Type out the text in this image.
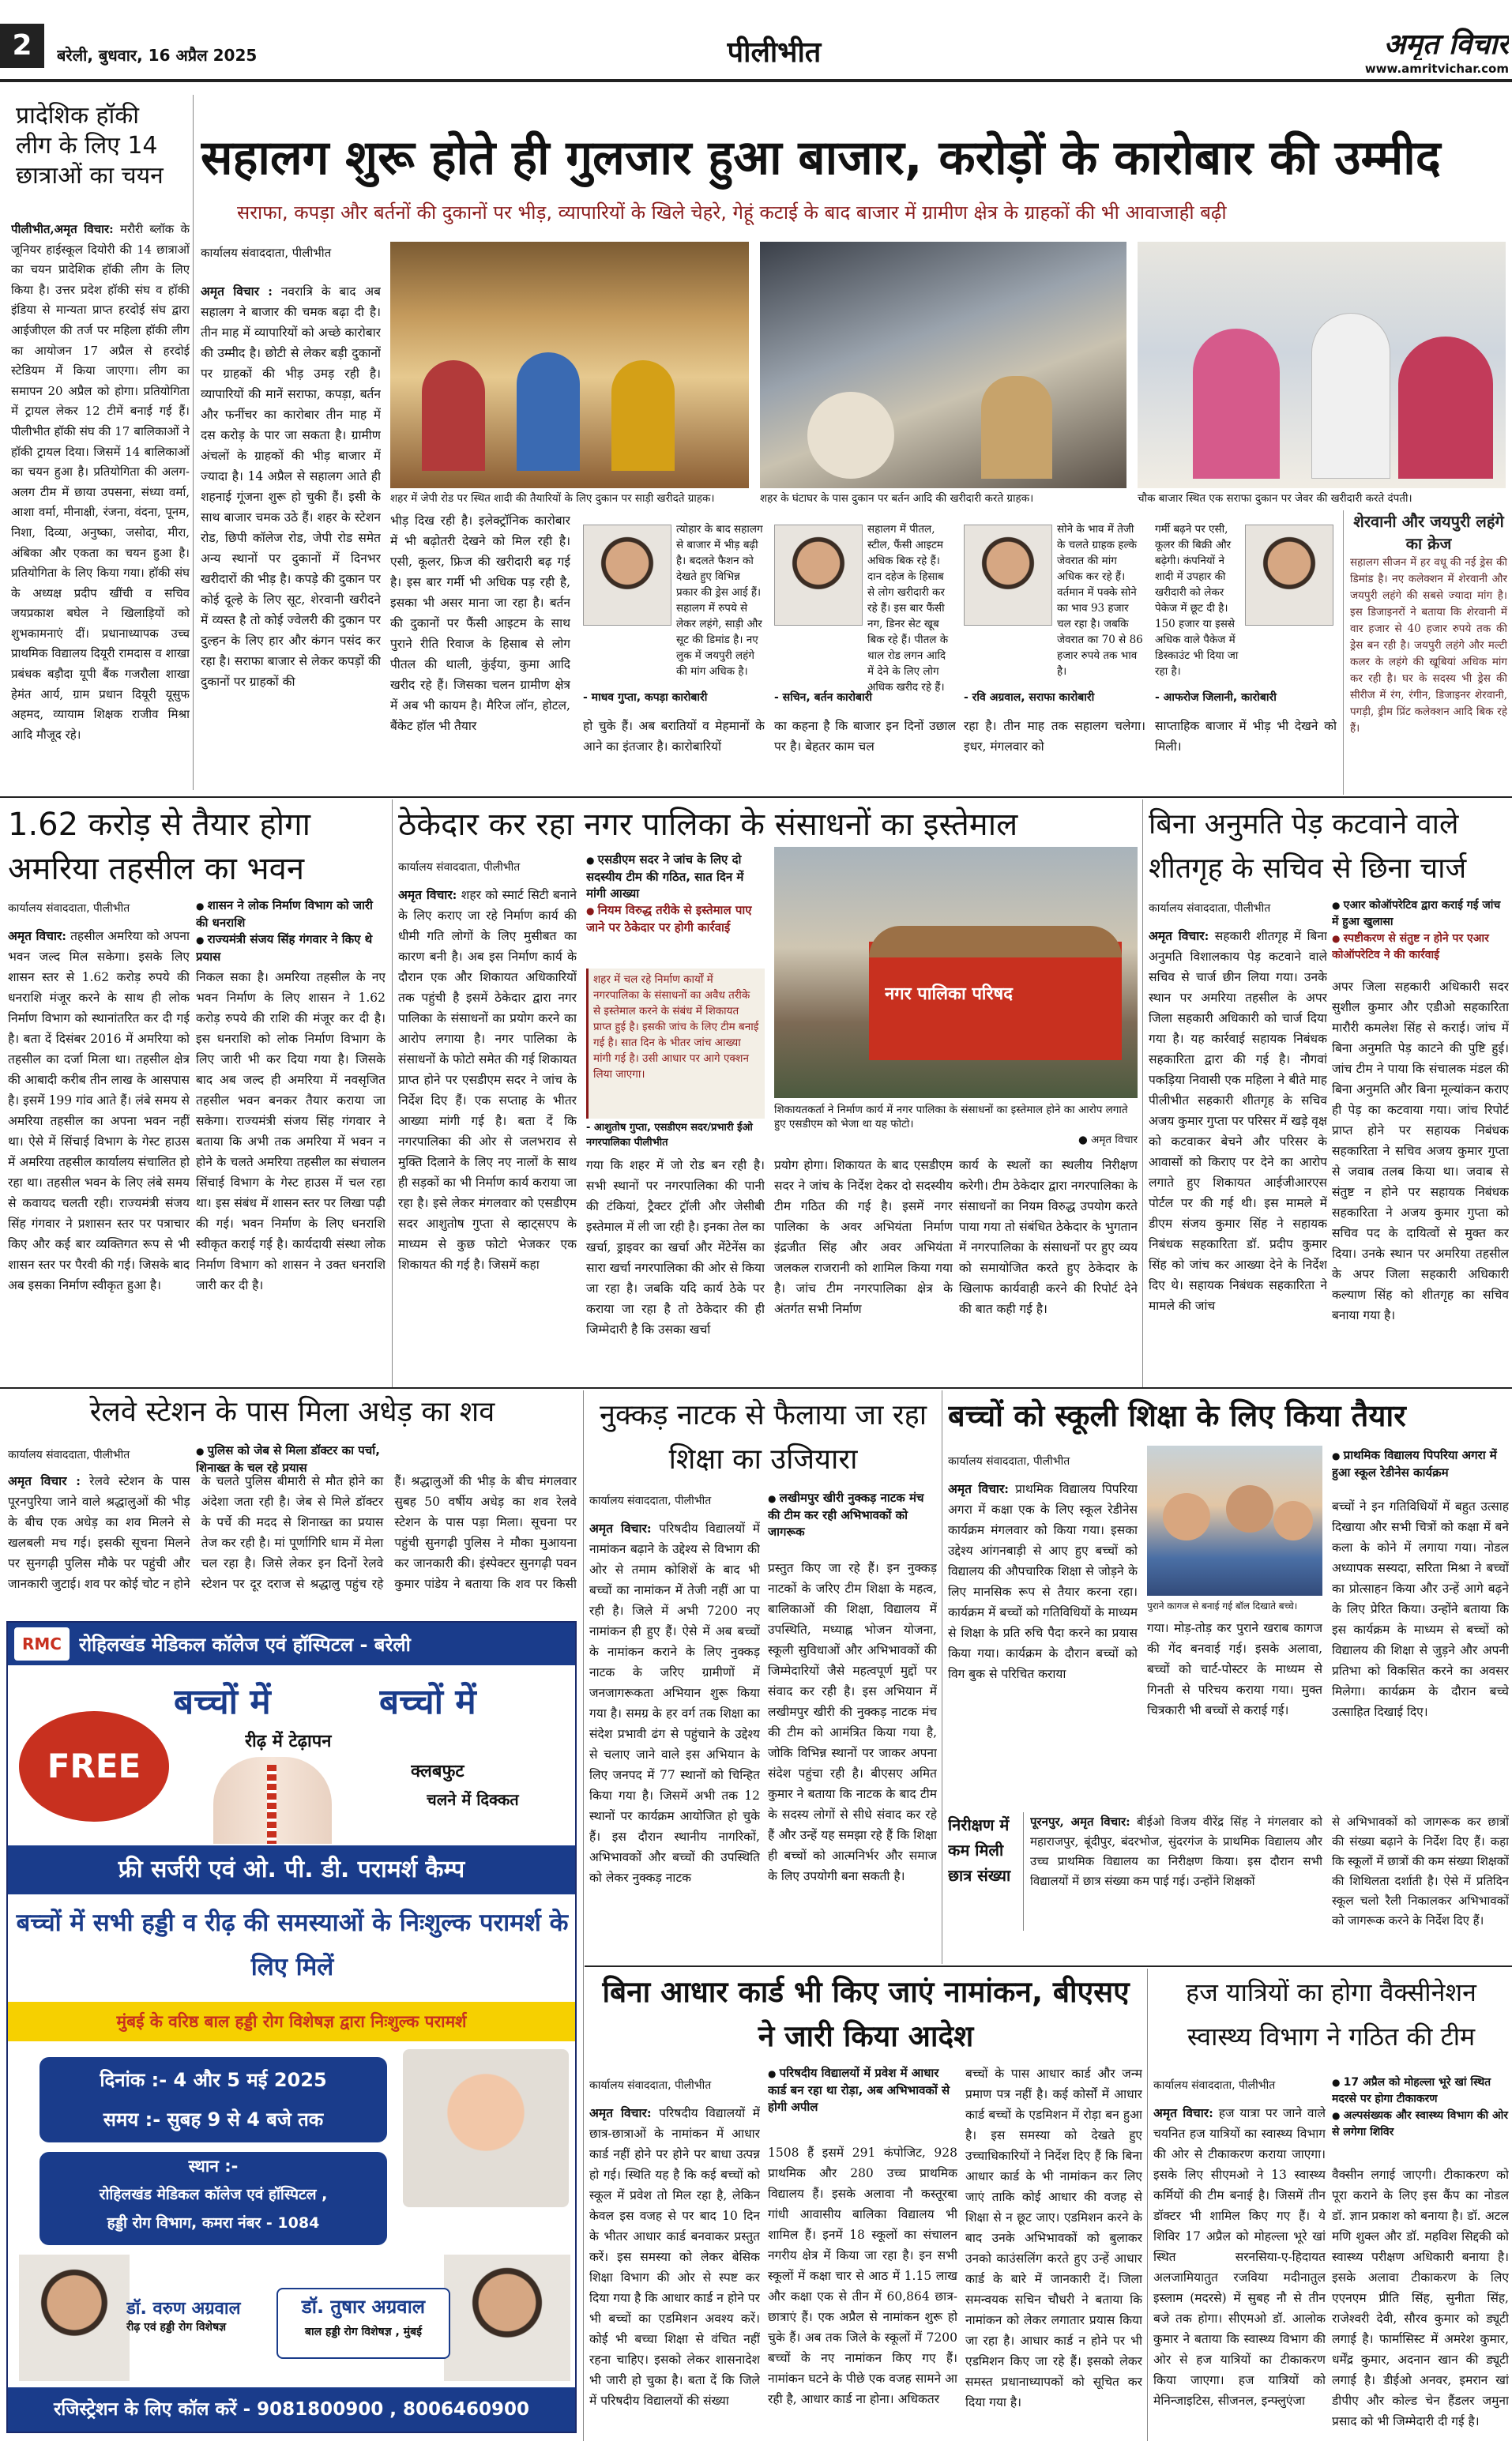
2	बरेली, बुधवार, 16 अप्रैल 2025	पीलीभीत	अमृत विचार
www.amritvichar.com
प्रादेशिक हॉकी लीग के लिए 14 छात्राओं का चयन
पीलीभीत,अमृत विचार: मरौरी ब्लॉक के जूनियर हाईस्कूल दियोरी की 14 छात्राओं का चयन प्रादेशिक हॉकी लीग के लिए किया है। उत्तर प्रदेश हॉकी संघ व हॉकी इंडिया से मान्यता प्राप्त हरदोई संघ द्वारा आईजीएल की तर्ज पर महिला हॉकी लीग का आयोजन 17 अप्रैल से हरदोई स्टेडियम में किया जाएगा। लीग का समापन 20 अप्रैल को होगा। प्रतियोगिता में ट्रायल लेकर 12 टीमें बनाई गई हैं। पीलीभीत हॉकी संघ की 17 बालिकाओं ने हॉकी ट्रायल दिया। जिसमें 14 बालिकाओं का चयन हुआ है। प्रतियोगिता की अलग-अलग टीम में छाया उपसना, संध्या वर्मा, आशा वर्मा, मीनाक्षी, रंजना, वंदना, पूनम, निशा, दिव्या, अनुष्का, जसोदा, मीरा, अंबिका और एकता का चयन हुआ है। प्रतियोगिता के लिए किया गया। हॉकी संघ के अध्यक्ष प्रदीप खींची व सचिव जयप्रकाश बघेल ने खिलाड़ियों को शुभकामनाएं दीं। प्रधानाध्यापक उच्च प्राथमिक विद्यालय दियूरी रामदास व शाखा प्रबंधक बड़ौदा यूपी बैंक गजरौला शाखा हेमंत आर्य, ग्राम प्रधान दियूरी यूसुफ अहमद, व्यायाम शिक्षक राजीव मिश्रा आदि मौजूद रहे।
सहालग शुरू होते ही गुलजार हुआ बाजार, करोड़ों के कारोबार की उम्मीद
सराफा, कपड़ा और बर्तनों की दुकानों पर भीड़, व्यापारियों के खिले चेहरे, गेहूं कटाई के बाद बाजार में ग्रामीण क्षेत्र के ग्राहकों की भी आवाजाही बढ़ी
कार्यालय संवाददाता, पीलीभीत
अमृत विचार : नवरात्रि के बाद अब सहालग ने बाजार की चमक बढ़ा दी है। तीन माह में व्यापारियों को अच्छे कारोबार की उम्मीद है। छोटी से लेकर बड़ी दुकानों पर ग्राहकों की भीड़ उमड़ रही है। व्यापारियों की मानें सराफा, कपड़ा, बर्तन और फर्नीचर का कारोबार तीन माह में दस करोड़ के पार जा सकता है। ग्रामीण अंचलों के ग्राहकों की भीड़ बाजार में ज्यादा है। 14 अप्रैल से सहालग आते ही शहनाई गूंजना शुरू हो चुकी हैं। इसी के साथ बाजार चमक उठे हैं। शहर के स्टेशन रोड, छिपी कॉलेज रोड, जेपी रोड समेत अन्य स्थानों पर दुकानों में दिनभर खरीदारों की भीड़ है। कपड़े की दुकान पर कोई दूल्हे के लिए सूट, शेरवानी खरीदने में व्यस्त है तो कोई ज्वेलरी की दुकान पर दुल्हन के लिए हार और कंगन पसंद कर रहा है। सराफा बाजार से लेकर कपड़ों की दुकानों पर ग्राहकों की
शहर में जेपी रोड पर स्थित शादी की तैयारियों के लिए दुकान पर साड़ी खरीदते ग्राहक।	शहर के घंटाघर के पास दुकान पर बर्तन आदि की खरीदारी करते ग्राहक।	चौक बाजार स्थित एक सराफा दुकान पर जेवर की खरीदारी करते दंपती।
भीड़ दिख रही है। इलेक्ट्रॉनिक कारोबार में भी बढ़ोतरी देखने को मिल रही है। एसी, कूलर, फ्रिज की खरीदारी बढ़ गई है। इस बार गर्मी भी अधिक पड़ रही है, इसका भी असर माना जा रहा है। बर्तन की दुकानों पर फैंसी आइटम के साथ पुराने रीति रिवाज के हिसाब से लोग पीतल की थाली, कुंईया, कुमा आदि खरीद रहे हैं। जिसका चलन ग्रामीण क्षेत्र में अब भी कायम है। मैरिज लॉन, होटल, बैंकेट हॉल भी तैयार
त्योहार के बाद सहालग से बाजार में भीड़ बढ़ी है। बदलते फैशन को देखते हुए विभिन्न प्रकार की ड्रेस आई हैं। सहालग में रुपये से लेकर लहंगे, साड़ी और सूट की डिमांड है। नए लुक में जयपुरी लहंगे की मांग अधिक है।
- माधव गुप्ता, कपड़ा कारोबारी
सहालग में पीतल, स्टील, फैंसी आइटम अधिक बिक रहे हैं। दान दहेज के हिसाब से लोग खरीदारी कर रहे हैं। इस बार फैंसी नग, डिनर सेट खूब बिक रहे हैं। पीतल के थाल रोड लगन आदि में देने के लिए लोग अधिक खरीद रहे हैं।
- सचिन, बर्तन कारोबारी
सोने के भाव में तेजी के चलते ग्राहक हल्के जेवरात की मांग अधिक कर रहे हैं। वर्तमान में पक्के सोने का भाव 93 हजार चल रहा है। जबकि जेवरात का 70 से 86 हजार रुपये तक भाव है।
- रवि अग्रवाल, सराफा कारोबारी
गर्मी बढ़ने पर एसी, कूलर की बिक्री और बढ़ेगी। कंपनियों ने शादी में उपहार की खरीदारी को लेकर पेकेज में छूट दी है। 150 हजार या इससे अधिक वाले पैकेज में डिस्काउंट भी दिया जा रहा है।
- आफरोज जिलानी, कारोबारी
हो चुके हैं। अब बरातियों व मेहमानों के आने का इंतजार है। कारोबारियों
का कहना है कि बाजार इन दिनों उछाल पर है। बेहतर काम चल
रहा है। तीन माह तक सहालग चलेगा। इधर, मंगलवार को
साप्ताहिक बाजार में भीड़ भी देखने को मिली।
शेरवानी और जयपुरी लहंगे का क्रेज
सहालग सीजन में हर वधू की नई ड्रेस की डिमांड है। नए कलेक्शन में शेरवानी और जयपुरी लहंगे की सबसे ज्यादा मांग है। इस डिजाइनरों ने बताया कि शेरवानी में वार हजार से 40 हजार रुपये तक की ड्रेस बन रही है। जयपुरी लहंगे और मल्टी कलर के लहंगे की खूबियां अधिक मांग कर रही है। घर के सदस्य भी ड्रेस की सीरीज में रंग, रंगीन, डिजाइनर शेरवानी, पगड़ी, ड्रीम प्रिंट कलेक्शन आदि बिक रहे हैं।
1.62 करोड़ से तैयार होगा अमरिया तहसील का भवन
कार्यालय संवाददाता, पीलीभीत	● शासन ने लोक निर्माण विभाग को जारी की धनराशि
● राज्यमंत्री संजय सिंह गंगवार ने किए थे प्रयास
अमृत विचार: तहसील अमरिया को अपना भवन जल्द मिल सकेगा। इसके लिए शासन स्तर से 1.62 करोड़ रुपये की धनराशि मंजूर करने के साथ ही लोक निर्माण विभाग को स्थानांतरित कर दी गई है। बता दें दिसंबर 2016 में अमरिया को तहसील का दर्जा मिला था। तहसील क्षेत्र की आबादी करीब तीन लाख के आसपास है। इसमें 199 गांव आते हैं। लंबे समय से अमरिया तहसील का अपना भवन नहीं था। ऐसे में सिंचाई विभाग के गेस्ट हाउस में अमरिया तहसील कार्यालय संचालित हो रहा था। तहसील भवन के लिए लंबे समय से कवायद चलती रही। राज्यमंत्री संजय सिंह गंगवार ने प्रशासन स्तर पर पत्राचार किए और कई बार व्यक्तिगत रूप से भी शासन स्तर पर पैरवी की गई। जिसके बाद अब इसका निर्माण स्वीकृत हुआ है।
निकल सका है। अमरिया तहसील के नए भवन निर्माण के लिए शासन ने 1.62 करोड़ रुपये की राशि की मंजूर कर दी है। इस धनराशि को लोक निर्माण विभाग के लिए जारी भी कर दिया गया है। जिसके बाद अब जल्द ही अमरिया में नवसृजित तहसील भवन बनकर तैयार कराया जा सकेगा। राज्यमंत्री संजय सिंह गंगवार ने बताया कि अभी तक अमरिया में भवन न होने के चलते अमरिया तहसील का संचालन सिंचाई विभाग के गेस्ट हाउस में चल रहा था। इस संबंध में शासन स्तर पर लिखा पढ़ी की गई। भवन निर्माण के लिए धनराशि स्वीकृत कराई गई है। कार्यदायी संस्था लोक निर्माण विभाग को शासन ने उक्त धनराशि जारी कर दी है।
ठेकेदार कर रहा नगर पालिका के संसाधनों का इस्तेमाल
कार्यालय संवाददाता, पीलीभीत
अमृत विचार: शहर को स्मार्ट सिटी बनाने के लिए कराए जा रहे निर्माण कार्य की धीमी गति लोगों के लिए मुसीबत का कारण बनी है। अब इस निर्माण कार्य के दौरान एक और शिकायत अधिकारियों तक पहुंची है इसमें ठेकेदार द्वारा नगर पालिका के संसाधनों का प्रयोग करने का आरोप लगाया है। नगर पालिका के संसाधनों के फोटो समेत की गई शिकायत प्राप्त होने पर एसडीएम सदर ने जांच के निर्देश दिए हैं। एक सप्ताह के भीतर आख्या मांगी गई है। बता दें कि नगरपालिका की ओर से जलभराव से मुक्ति दिलाने के लिए नए नालों के साथ ही सड़कों का भी निर्माण कार्य कराया जा रहा है। इसे लेकर मंगलवार को एसडीएम सदर आशुतोष गुप्ता से व्हाट्सएप के माध्यम से कुछ फोटो भेजकर एक शिकायत की गई है। जिसमें कहा
● एसडीएम सदर ने जांच के लिए दो सदस्यीय टीम की गठित, सात दिन में मांगी आख्या
● नियम विरुद्ध तरीके से इस्तेमाल पाए जाने पर ठेकेदार पर होगी कार्रवाई
शहर में चल रहे निर्माण कार्यों में नगरपालिका के संसाधनों का अवैध तरीके से इस्तेमाल करने के संबंध में शिकायत प्राप्त हुई है। इसकी जांच के लिए टीम बनाई गई है। सात दिन के भीतर जांच आख्या मांगी गई है। उसी आधार पर आगे एक्शन लिया जाएगा।
- आशुतोष गुप्ता, एसडीएम सदर/प्रभारी ईओ नगरपालिका पीलीभीत
नगर पालिका परिषद
शिकायतकर्ता ने निर्माण कार्य में नगर पालिका के संसाधनों का इस्तेमाल होने का आरोप लगाते हुए एसडीएम को भेजा था यह फोटो।
● अमृत विचार
गया कि शहर में जो रोड बन रही है। सभी स्थानों पर नगरपालिका की पानी की टंकियां, ट्रैक्टर ट्रॉली और जेसीबी इस्तेमाल में ली जा रही है। इनका तेल का खर्चा, ड्राइवर का खर्चा और मेंटेनेंस का सारा खर्चा नगरपालिका की ओर से किया जा रहा है। जबकि यदि कार्य ठेके पर कराया जा रहा है तो ठेकेदार की ही जिम्मेदारी है कि उसका खर्चा
प्रयोग होगा। शिकायत के बाद एसडीएम सदर ने जांच के निर्देश देकर दो सदस्यीय टीम गठित की गई है। इसमें नगर पालिका के अवर अभियंता निर्माण इंद्रजीत सिंह और अवर अभियंता जलकल राजरानी को शामिल किया गया है। जांच टीम नगरपालिका क्षेत्र के अंतर्गत सभी निर्माण
कार्य के स्थलों का स्थलीय निरीक्षण करेगी। टीम ठेकेदार द्वारा नगरपालिका के संसाधनों का नियम विरुद्ध उपयोग करते पाया गया तो संबंधित ठेकेदार के भुगतान में नगरपालिका के संसाधनों पर हुए व्यय को समायोजित करते हुए ठेकेदार के खिलाफ कार्यवाही करने की रिपोर्ट देने की बात कही गई है।
बिना अनुमति पेड़ कटवाने वाले शीतगृह के सचिव से छिना चार्ज
कार्यालय संवाददाता, पीलीभीत	● एआर कोऑपरेटिव द्वारा कराई गई जांच में हुआ खुलासा
● स्पष्टीकरण से संतुष्ट न होने पर एआर कोऑपरेटिव ने की कार्रवाई
अमृत विचार: सहकारी शीतगृह में बिना अनुमति विशालकाय पेड़ कटवाने वाले सचिव से चार्ज छीन लिया गया। उनके स्थान पर अमरिया तहसील के अपर जिला सहकारी अधिकारी को चार्ज दिया गया है। यह कार्रवाई सहायक निबंधक सहकारिता द्वारा की गई है। नौगवां पकड़िया निवासी एक महिला ने बीते माह पीलीभीत सहकारी शीतगृह के सचिव अजय कुमार गुप्ता पर परिसर में खड़े वृक्ष को कटवाकर बेचने और परिसर के आवासों को किराए पर देने का आरोप लगाते हुए शिकायत आईजीआरएस पोर्टल पर की गई थी। इस मामले में डीएम संजय कुमार सिंह ने सहायक निबंधक सहकारिता डॉ. प्रदीप कुमार सिंह को जांच कर आख्या देने के निर्देश दिए थे। सहायक निबंधक सहकारिता ने मामले की जांच
अपर जिला सहकारी अधिकारी सदर सुशील कुमार और एडीओ सहकारिता मारौरी कमलेश सिंह से कराई। जांच में बिना अनुमति पेड़ काटने की पुष्टि हुई। जांच टीम ने पाया कि संचालक मंडल की बिना अनुमति और बिना मूल्यांकन कराए ही पेड़ का कटवाया गया। जांच रिपोर्ट प्राप्त होने पर सहायक निबंधक सहकारिता ने सचिव अजय कुमार गुप्ता से जवाब तलब किया था। जवाब से संतुष्ट न होने पर सहायक निबंधक सहकारिता ने अजय कुमार गुप्ता को सचिव पद के दायित्वों से मुक्त कर दिया। उनके स्थान पर अमरिया तहसील के अपर जिला सहकारी अधिकारी कल्याण सिंह को शीतगृह का सचिव बनाया गया है।
रेलवे स्टेशन के पास मिला अधेड़ का शव
कार्यालय संवाददाता, पीलीभीत	● पुलिस को जेब से मिला डॉक्टर का पर्चा, शिनाख्त के चल रहे प्रयास
अमृत विचार : रेलवे स्टेशन के पास पूरनपुरिया जाने वाले श्रद्धालुओं की भीड़ के बीच एक अधेड़ का शव मिलने से खलबली मच गई। इसकी सूचना मिलने पर सुनगढ़ी पुलिस मौके पर पहुंची और जानकारी जुटाई। शव पर कोई चोट न होने के चलते पुलिस बीमारी से मौत होने का अंदेशा जता रही है। जेब से मिले डॉक्टर के पर्चे की मदद से शिनाख्त का प्रयास तेज कर रही है। मां पूर्णागिरि धाम में मेला चल रहा है। जिसे लेकर इन दिनों रेलवे स्टेशन पर दूर दराज से श्रद्धालु पहुंच रहे हैं। श्रद्धालुओं की भीड़ के बीच मंगलवार सुबह 50 वर्षीय अधेड़ का शव रेलवे स्टेशन के पास पड़ा मिला। सूचना पर पहुंची सुनगढ़ी पुलिस ने मौका मुआयना कर जानकारी की। इंस्पेक्टर सुनगढ़ी पवन कुमार पांडेय ने बताया कि शव पर किसी
RMC रोहिलखंड मेडिकल कॉलेज एवं हॉस्पिटल - बरेली
FREE
बच्चों में	बच्चों में
रीढ़ में टेढ़ापन
क्लबफुट
चलने में दिक्कत
फ्री सर्जरी एवं ओ. पी. डी. परामर्श कैम्प
बच्चों में सभी हड्डी व रीढ़ की समस्याओं के निःशुल्क परामर्श के लिए मिलें
मुंबई के वरिष्ठ बाल हड्डी रोग विशेषज्ञ द्वारा निःशुल्क परामर्श
दिनांक :- 4 और 5 मई 2025
समय :- सुबह 9 से 4 बजे तक
स्थान :-
रोहिलखंड मेडिकल कॉलेज एवं हॉस्पिटल ,
हड्डी रोग विभाग, कमरा नंबर - 1084
डॉ. वरुण अग्रवाल
रीढ़ एवं हड्डी रोग विशेषज्ञ
डॉ. तुषार अग्रवाल
बाल हड्डी रोग विशेषज्ञ , मुंबई
रजिस्ट्रेशन के लिए कॉल करें - 9081800900 , 8006460900
नुक्कड़ नाटक से फैलाया जा रहा शिक्षा का उजियारा
कार्यालय संवाददाता, पीलीभीत	● लखीमपुर खीरी नुक्कड़ नाटक मंच की टीम कर रही अभिभावकों को जागरूक
अमृत विचार: परिषदीय विद्यालयों में नामांकन बढ़ाने के उद्देश्य से विभाग की ओर से तमाम कोशिशें के बाद भी बच्चों का नामांकन में तेजी नहीं आ पा रही है। जिले में अभी 7200 नए नामांकन ही हुए हैं। ऐसे में अब बच्चों के नामांकन कराने के लिए नुक्कड़ नाटक के जरिए ग्रामीणों में जनजागरूकता अभियान शुरू किया गया है। समग्र के हर वर्ग तक शिक्षा का संदेश प्रभावी ढंग से पहुंचाने के उद्देश्य से चलाए जाने वाले इस अभियान के लिए जनपद में 77 स्थानों को चिन्हित किया गया है। जिसमें अभी तक 12 स्थानों पर कार्यक्रम आयोजित हो चुके हैं। इस दौरान स्थानीय नागरिकों, अभिभावकों और बच्चों की उपस्थिति को लेकर नुक्कड़ नाटक
प्रस्तुत किए जा रहे हैं। इन नुक्कड़ नाटकों के जरिए टीम शिक्षा के महत्व, बालिकाओं की शिक्षा, विद्यालय में उपस्थिति, मध्याह्न भोजन योजना, स्कूली सुविधाओं और अभिभावकों की जिम्मेदारियों जैसे महत्वपूर्ण मुद्दों पर संवाद कर रही है। इस अभियान में लखीमपुर खीरी की नुक्कड़ नाटक मंच की टीम को आमंत्रित किया गया है, जोकि विभिन्न स्थानों पर जाकर अपना संदेश पहुंचा रही है। बीएसए अमित कुमार ने बताया कि नाटक के बाद टीम के सदस्य लोगों से सीधे संवाद कर रहे हैं और उन्हें यह समझा रहे हैं कि शिक्षा ही बच्चों को आत्मनिर्भर और समाज के लिए उपयोगी बना सकती है।
बच्चों को स्कूली शिक्षा के लिए किया तैयार
कार्यालय संवाददाता, पीलीभीत
अमृत विचार: प्राथमिक विद्यालय पिपरिया अगरा में कक्षा एक के लिए स्कूल रेडीनेस कार्यक्रम मंगलवार को किया गया। इसका उद्देश्य आंगनबाड़ी से आए हुए बच्चों को विद्यालय की औपचारिक शिक्षा से जोड़ने के लिए मानसिक रूप से तैयार करना रहा। कार्यक्रम में बच्चों को गतिविधियों के माध्यम से शिक्षा के प्रति रुचि पैदा करने का प्रयास किया गया। कार्यक्रम के दौरान बच्चों को विग बुक से परिचित कराया
पुराने कागज से बनाई गई बॉल दिखाते बच्चे।
गया। मोड़-तोड़ कर पुराने खराब कागज की गेंद बनवाई गई। इसके अलावा, बच्चों को चार्ट-पोस्टर के माध्यम से गिनती से परिचय कराया गया। मुक्त चित्रकारी भी बच्चों से कराई गई।
● प्राथमिक विद्यालय पिपरिया अगरा में हुआ स्कूल रेडीनेस कार्यक्रम
बच्चों ने इन गतिविधियों में बहुत उत्साह दिखाया और सभी चित्रों को कक्षा में बने कला के कोने में लगाया गया। नोडल अध्यापक सस्यदा, सरिता मिश्रा ने बच्चों का प्रोत्साहन किया और उन्हें आगे बढ़ने के लिए प्रेरित किया। उन्होंने बताया कि इस कार्यक्रम के माध्यम से बच्चों को विद्यालय की शिक्षा से जुड़ने और अपनी प्रतिभा को विकसित करने का अवसर मिलेगा। कार्यक्रम के दौरान बच्चे उत्साहित दिखाई दिए।
निरीक्षण में कम मिली छात्र संख्या
पूरनपुर, अमृत विचार: बीईओ विजय वीरेंद्र सिंह ने मंगलवार को महाराजपुर, बूंदीपुर, बंदरभोज, सुंदरगंज के प्राथमिक विद्यालय और उच्च प्राथमिक विद्यालय का निरीक्षण किया। इस दौरान सभी विद्यालयों में छात्र संख्या कम पाई गई। उन्होंने शिक्षकों
से अभिभावकों को जागरूक कर छात्रों की संख्या बढ़ाने के निर्देश दिए हैं। कहा कि स्कूलों में छात्रों की कम संख्या शिक्षकों की शिथिलता दर्शाती है। ऐसे में प्रतिदिन स्कूल चलो रैली निकालकर अभिभावकों को जागरूक करने के निर्देश दिए हैं।
बिना आधार कार्ड भी किए जाएं नामांकन, बीएसए ने जारी किया आदेश
कार्यालय संवाददाता, पीलीभीत
● परिषदीय विद्यालयों में प्रवेश में आधार कार्ड बन रहा था रोड़ा, अब अभिभावकों से होगी अपील
अमृत विचार: परिषदीय विद्यालयों में छात्र-छात्राओं के नामांकन में आधार कार्ड नहीं होने पर होने पर बाधा उत्पन्न हो गई। स्थिति यह है कि कई बच्चों को स्कूल में प्रवेश तो मिल रहा है, लेकिन केवल इस वजह से पर बाद 10 दिन के भीतर आधार कार्ड बनवाकर प्रस्तुत करें। इस समस्या को लेकर बेसिक शिक्षा विभाग की ओर से स्पष्ट कर दिया गया है कि आधार कार्ड न होने पर भी बच्चों का एडमिशन अवश्य करें। कोई भी बच्चा शिक्षा से वंचित नहीं रहना चाहिए। इसको लेकर शासनादेश भी जारी हो चुका है। बता दें कि जिले में परिषदीय विद्यालयों की संख्या
1508 हैं इसमें 291 कंपोजिट, 928 प्राथमिक और 280 उच्च प्राथमिक विद्यालय हैं। इसके अलावा नौ कस्तूरबा गांधी आवासीय बालिका विद्यालय भी शामिल हैं। इनमें 18 स्कूलों का संचालन नगरीय क्षेत्र में किया जा रहा है। इन सभी स्कूलों में कक्षा चार से आठ में 1.15 लाख और कक्षा एक से तीन में 60,864 छात्र-छात्राएं हैं। एक अप्रैल से नामांकन शुरू हो चुके हैं। अब तक जिले के स्कूलों में 7200 बच्चों के नए नामांकन किए गए हैं। नामांकन घटने के पीछे एक वजह सामने आ रही है, आधार कार्ड ना होना। अधिकतर
बच्चों के पास आधार कार्ड और जन्म प्रमाण पत्र नहीं है। कई कोर्सों में आधार कार्ड बच्चों के एडमिशन में रोड़ा बन हुआ है। इस समस्या को देखते हुए उच्चाधिकारियों ने निर्देश दिए हैं कि बिना आधार कार्ड के भी नामांकन कर लिए जाएं ताकि कोई आधार की वजह से शिक्षा से न छूट जाए। एडमिशन करने के बाद उनके अभिभावकों को बुलाकर उनको काउंसलिंग करते हुए उन्हें आधार कार्ड के बारे में जानकारी दें। जिला समन्वयक सचिन चौधरी ने बताया कि नामांकन को लेकर लगातार प्रयास किया जा रहा है। आधार कार्ड न होने पर भी एडमिशन किए जा रहे हैं। इसको लेकर समस्त प्रधानाध्यापकों को सूचित कर दिया गया है।
हज यात्रियों का होगा वैक्सीनेशन स्वास्थ्य विभाग ने गठित की टीम
कार्यालय संवाददाता, पीलीभीत	● 17 अप्रैल को मोहल्ला भूरे खां स्थित मदरसे पर होगा टीकाकरण
● अल्पसंख्यक और स्वास्थ्य विभाग की ओर से लगेगा शिविर
अमृत विचार: हज यात्रा पर जाने वाले चयनित हज यात्रियों का स्वास्थ्य विभाग की ओर से टीकाकरण कराया जाएगा। इसके लिए सीएमओ ने 13 स्वास्थ्य कर्मियों की टीम बनाई है। जिसमें तीन डॉक्टर भी शामिल किए गए हैं। ये शिविर 17 अप्रैल को मोहल्ला भूरे खां स्थित सरनसिया-ए-हिदायत अलजामियातुत रजविया मदीनातुल इस्लाम (मदरसे) में सुबह नौ से तीन बजे तक होगा। सीएमओ डॉ. आलोक कुमार ने बताया कि स्वास्थ्य विभाग की ओर से हज यात्रियों का टीकाकरण किया जाएगा। हज यात्रियों को मेनिन्जाइटिस, सीजनल, इन्फ्लुएंजा
वैक्सीन लगाई जाएगी। टीकाकरण को पूरा कराने के लिए इस कैंप का नोडल डॉ. ज्ञान प्रकाश को बनाया है। डॉ. अटल मणि शुक्ल और डॉ. महविश सिद्दकी को स्वास्थ्य परीक्षण अधिकारी बनाया है। इसके अलावा टीकाकरण के लिए एएनएम प्रीति सिंह, सुनीता सिंह, राजेश्वरी देवी, सौरव कुमार को ड्यूटी लगाई है। फार्मासिस्ट में अमरेश कुमार, धर्मेंद्र कुमार, अदनान खान की ड्यूटी लगाई है। डीईओ अनवर, इमरान खां डीपीए और कोल्ड चेन हैंडलर जमुना प्रसाद को भी जिम्मेदारी दी गई है।
